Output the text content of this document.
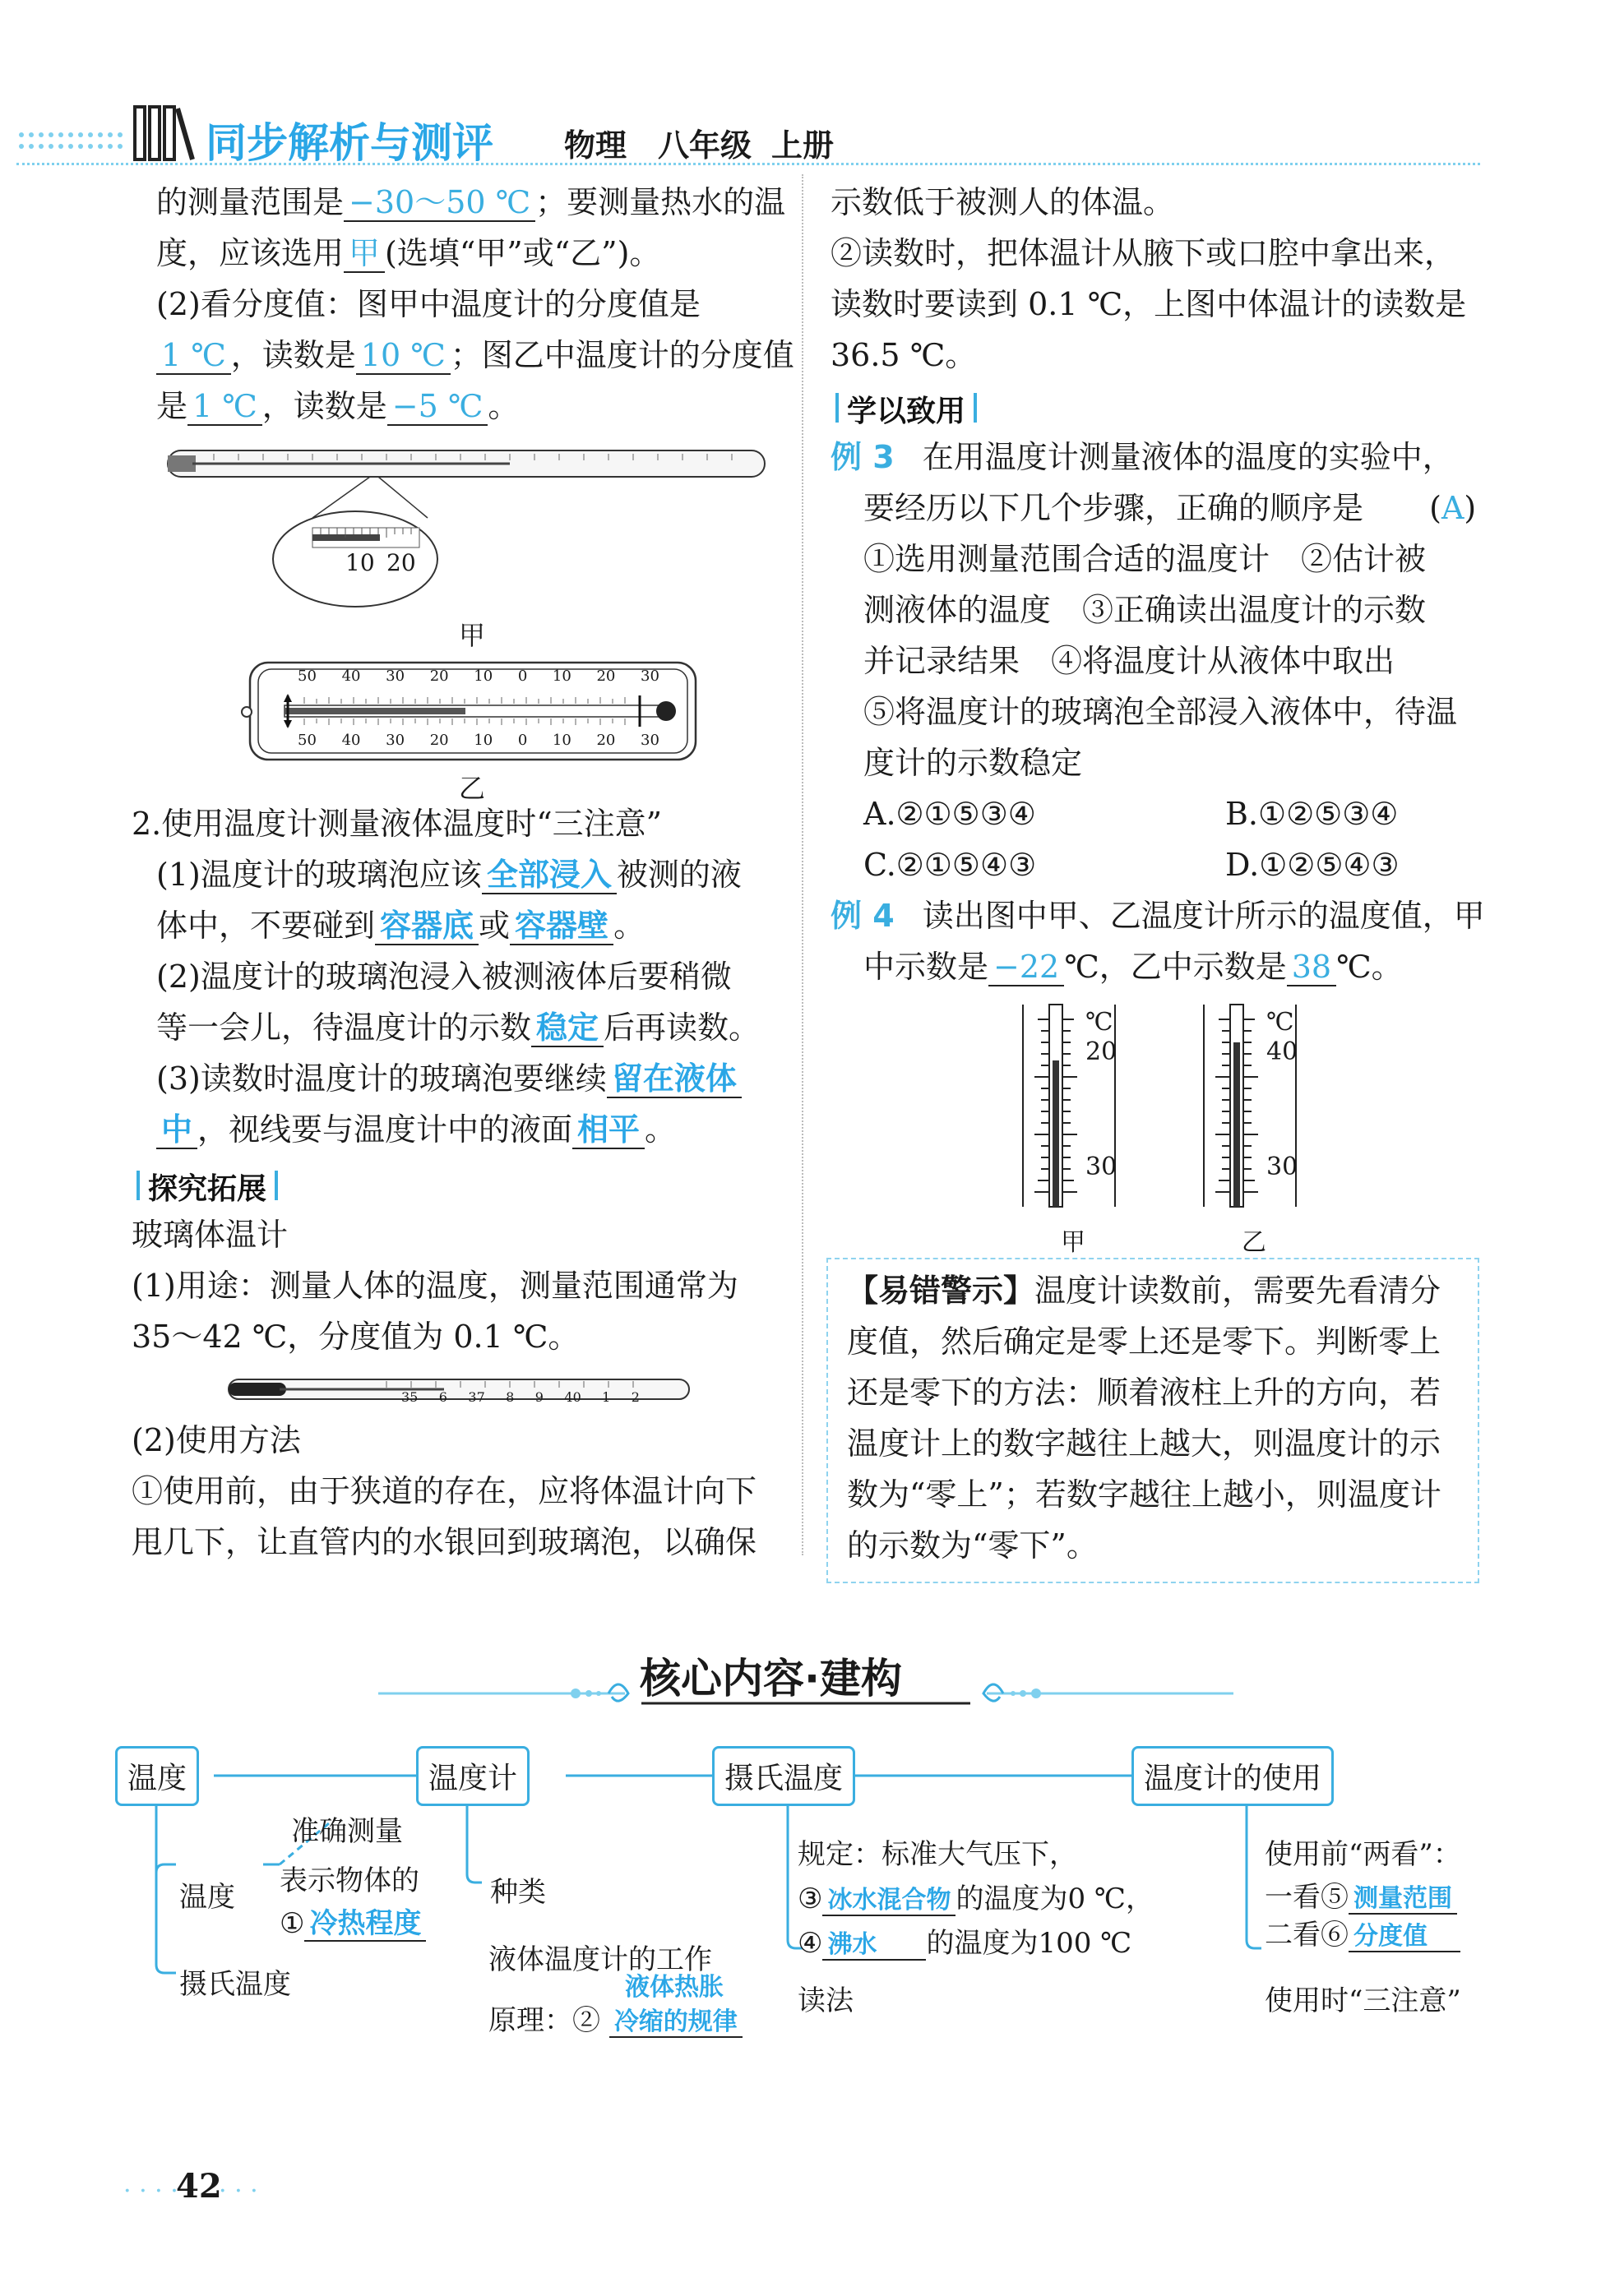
同步解析与测评 物理 八年级 上册
的测量范围是 −30～50 ℃ ；要测量热水的温
度，应该选用 甲 (选填“甲”或“乙”)。
(2)看分度值：图甲中温度计的分度值是
1 ℃ ，读数是 10 ℃ ；图乙中温度计的分度值
是 1 ℃ ，读数是 −5 ℃ 。
10 20
甲
50 40 30 20 10 0 10 20 30
50 40 30 20 10 0 10 20 30
乙
2.使用温度计测量液体温度时“三注意”
(1)温度计的玻璃泡应该 全部浸入 被测的液
体中，不要碰到 容器底 或 容器壁 。
(2)温度计的玻璃泡浸入被测液体后要稍微
等一会儿，待温度计的示数 稳定 后再读数。
(3)读数时温度计的玻璃泡要继续 留在液体
中 ，视线要与温度计中的液面 相平 。
探究拓展
玻璃体温计
(1)用途：测量人体的温度，测量范围通常为
35～42 ℃，分度值为 0.1 ℃。
35 6 37 8 9 40 1 2
(2)使用方法
①使用前，由于狭道的存在，应将体温计向下
甩几下，让直管内的水银回到玻璃泡，以确保
示数低于被测人的体温。
②读数时，把体温计从腋下或口腔中拿出来，
读数时要读到 0.1 ℃，上图中体温计的读数是
36.5 ℃。
学以致用
例 3 在用温度计测量液体的温度的实验中，
要经历以下几个步骤，正确的顺序是 (A)
①选用测量范围合适的温度计　②估计被
测液体的温度　③正确读出温度计的示数
并记录结果　④将温度计从液体中取出
⑤将温度计的玻璃泡全部浸入液体中，待温
度计的示数稳定
A.②①⑤③④	B.①②⑤③④
C.②①⑤④③	D.①②⑤④③
例 4 读出图中甲、乙温度计所示的温度值，甲
中示数是 −22 ℃，乙中示数是 38 ℃。
℃
20
30
甲
℃
40
30
乙
【易错警示】温度计读数前，需要先看清分
度值，然后确定是零上还是零下。判断零上
还是零下的方法：顺着液柱上升的方向，若
温度计上的数字越往上越大，则温度计的示
数为“零上”；若数字越往上越小，则温度计
的示数为“零下”。
核心内容·建构
温度	温度计	摄氏温度	温度计的使用
准确测量
温度 表示物体的
① 冷热程度
摄氏温度
种类
液体温度计的工作
原理：②
液体热胀
冷缩的规律
规定：标准大气压下，
③ 冰水混合物 的温度为0 ℃，
④ 沸水 的温度为100 ℃
读法
使用前“两看”：
一看⑤ 测量范围
二看⑥ 分度值
使用时“三注意”
· · · ·
42
· · ·
